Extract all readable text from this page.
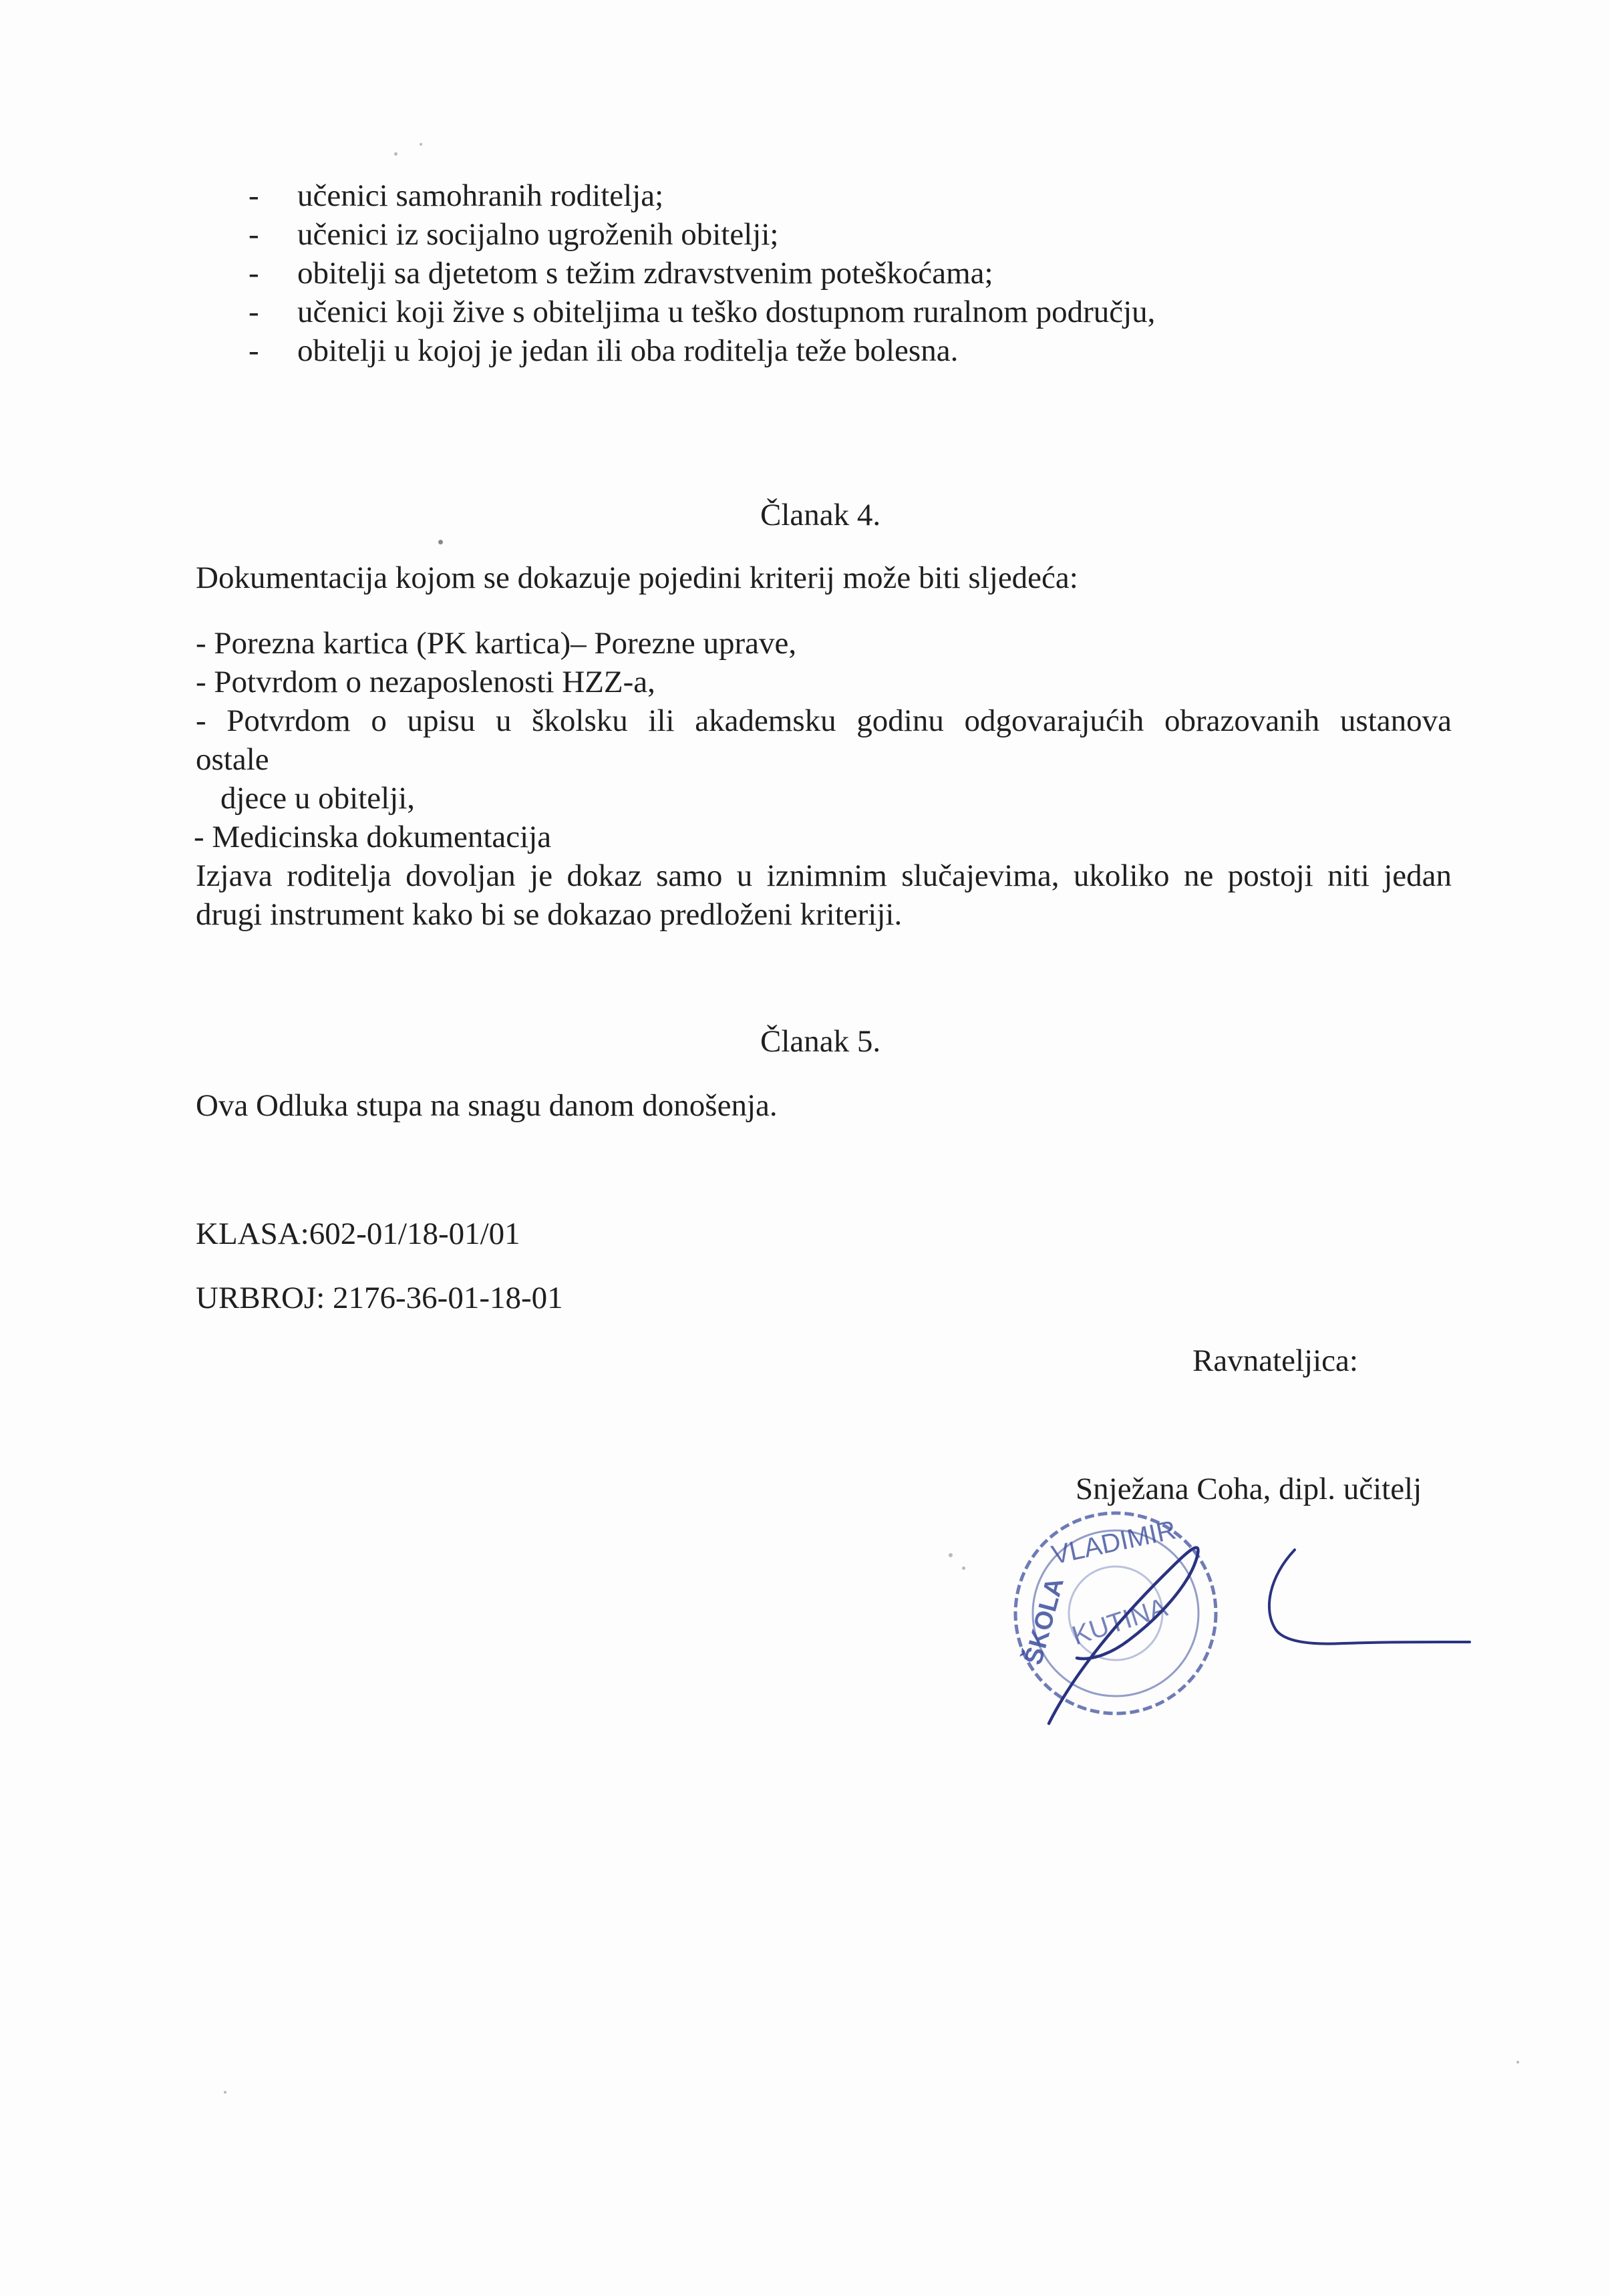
- učenici samohranih roditelja;
- učenici iz socijalno ugroženih obitelji;
- obitelji sa djetetom s težim zdravstvenim poteškoćama;
- učenici koji žive s obiteljima u teško dostupnom ruralnom području,
- obitelji u kojoj je jedan ili oba roditelja teže bolesna.
Članak 4.
Dokumentacija kojom se dokazuje pojedini kriterij može biti sljedeća:
- Porezna kartica (PK kartica)– Porezne uprave,
- Potvrdom o nezaposlenosti HZZ-a,
- Potvrdom o upisu u školsku ili akademsku godinu odgovarajućih obrazovanih ustanova
ostale
djece u obitelji,
- Medicinska dokumentacija
Izjava roditelja dovoljan je dokaz samo u iznimnim slučajevima, ukoliko ne postoji niti jedan
drugi instrument kako bi se dokazao predloženi kriteriji.
Članak 5.
Ova Odluka stupa na snagu danom donošenja.
KLASA:602-01/18-01/01
URBROJ: 2176-36-01-18-01
Ravnateljica:
Snježana Coha, dipl. učitelj
VLADIMIR
ŠKOLA
KUTINA
